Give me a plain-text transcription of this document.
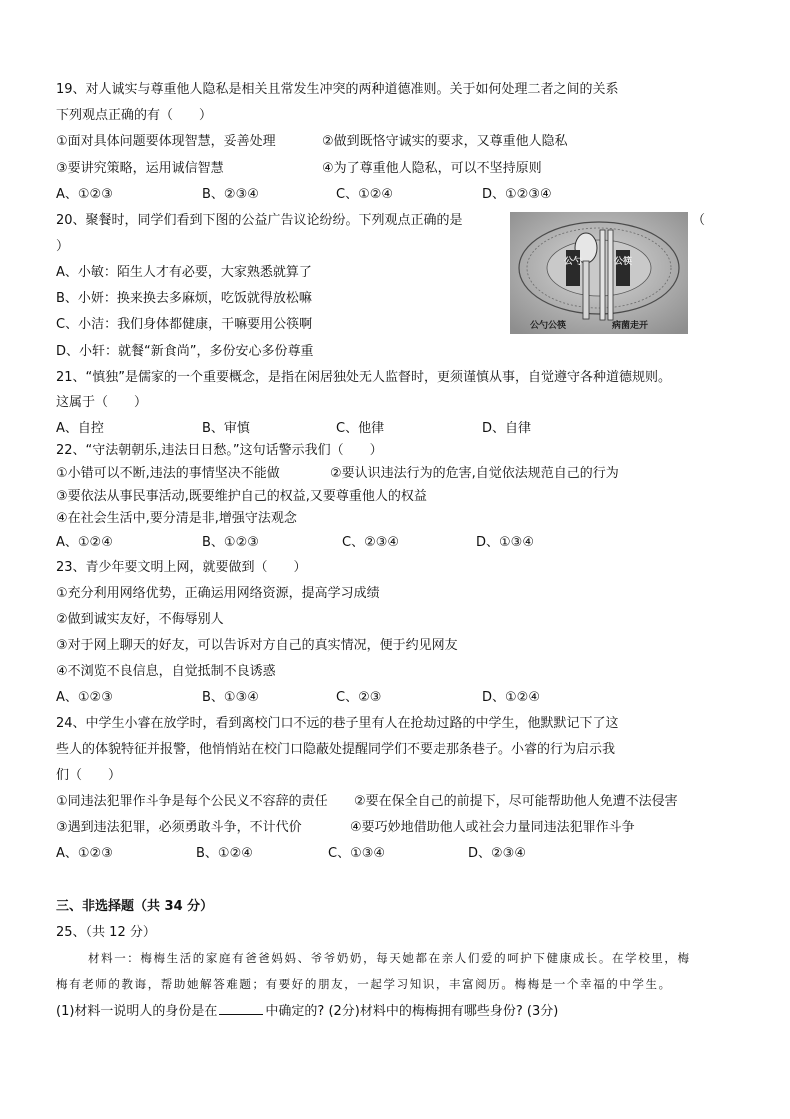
19、对人诚实与尊重他人隐私是相关且常发生冲突的两种道德准则。关于如何处理二者之间的关系
下列观点正确的有（　　）
①面对具体问题要体现智慧，妥善处理	②做到既恪守诚实的要求，又尊重他人隐私
③要讲究策略，运用诚信智慧	④为了尊重他人隐私，可以不坚持原则
A、①②③	B、②③④	C、①②④	D、①②③④
20、聚餐时，同学们看到下图的公益广告议论纷纷。下列观点正确的是	（
）
A、小敏：陌生人才有必要，大家熟悉就算了
B、小妍：换来换去多麻烦，吃饭就得放松嘛
C、小洁：我们身体都健康，干嘛要用公筷啊
D、小轩：就餐“新食尚”，多份安心多份尊重
公勺	公筷
公勺公筷	病菌走开
21、“慎独”是儒家的一个重要概念，是指在闲居独处无人监督时，更须谨慎从事，自觉遵守各种道德规则。
这属于（　　）
A、自控	B、审慎	C、他律	D、自律
22、“守法朝朝乐,违法日日愁。”这句话警示我们（　　）
①小错可以不断,违法的事情坚决不能做	②要认识违法行为的危害,自觉依法规范自己的行为
③要依法从事民事活动,既要维护自己的权益,又要尊重他人的权益
④在社会生活中,要分清是非,增强守法观念
A、①②④	B、①②③	C、②③④	D、①③④
23、青少年要文明上网，就要做到（　　）
①充分利用网络优势，正确运用网络资源，提高学习成绩
②做到诚实友好，不侮辱别人
③对于网上聊天的好友，可以告诉对方自己的真实情况，便于约见网友
④不浏览不良信息，自觉抵制不良诱惑
A、①②③	B、①③④	C、②③	D、①②④
24、中学生小睿在放学时，看到离校门口不远的巷子里有人在抢劫过路的中学生，他默默记下了这
些人的体貌特征并报警，他悄悄站在校门口隐蔽处提醒同学们不要走那条巷子。小睿的行为启示我
们（　　）
①同违法犯罪作斗争是每个公民义不容辞的责任 ②要在保全自己的前提下，尽可能帮助他人免遭不法侵害
③遇到违法犯罪，必须勇敢斗争，不计代价	④要巧妙地借助他人或社会力量同违法犯罪作斗争
A、①②③	B、①②④	C、①③④	D、②③④
三、非选择题（共 34 分）
25、（共 12 分）
材料一：梅梅生活的家庭有爸爸妈妈、爷爷奶奶，每天她都在亲人们爱的呵护下健康成长。在学校里，梅
梅有老师的教诲，帮助她解答难题；有要好的朋友，一起学习知识，丰富阅历。梅梅是一个幸福的中学生。
(1)材料一说明人的身份是在	中确定的? (2分)材料中的梅梅拥有哪些身份? (3分)
